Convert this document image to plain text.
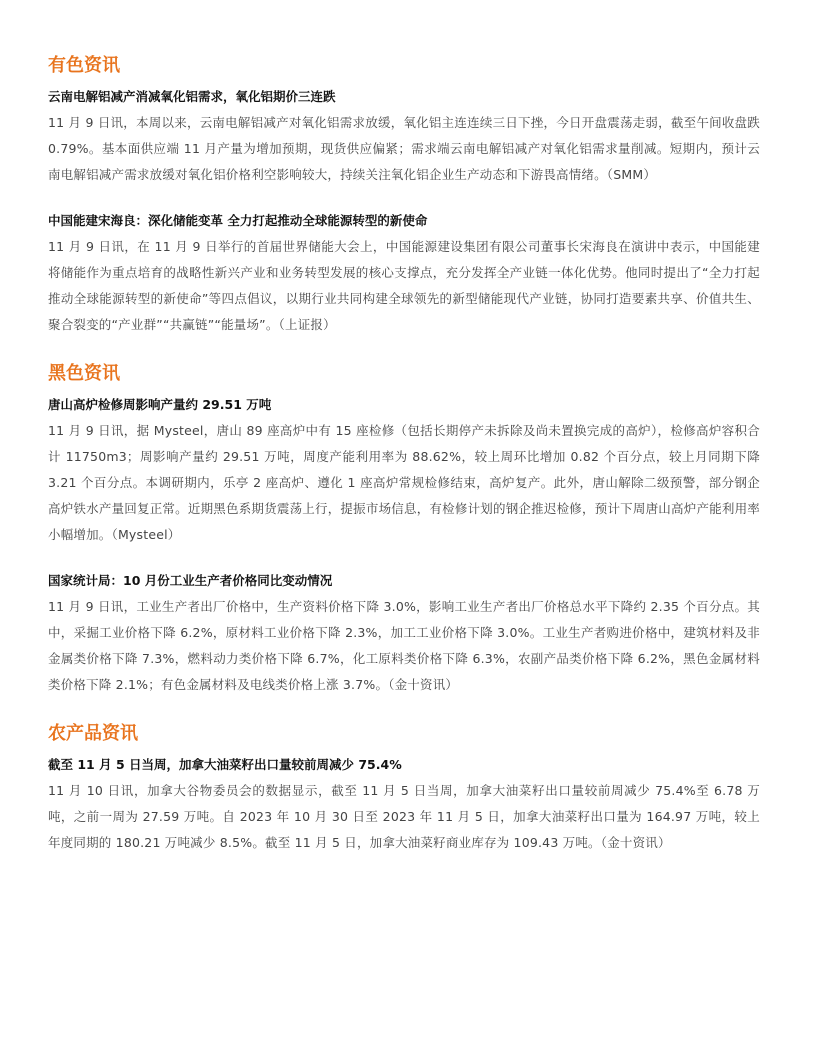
有色资讯
云南电解铝减产消减氧化铝需求，氧化铝期价三连跌

11 月 9 日讯，本周以来，云南电解铝减产对氧化铝需求放缓，氧化铝主连连续三日下挫，今日开盘震荡走弱，截至午间收盘跌 0.79%。基本面供应端 11 月产量为增加预期，现货供应偏紧；需求端云南电解铝减产对氧化铝需求量削减。短期内，预计云南电解铝减产需求放缓对氧化铝价格利空影响较大，持续关注氧化铝企业生产动态和下游畏高情绪。（SMM）

中国能建宋海良：深化储能变革 全力打起推动全球能源转型的新使命

11 月 9 日讯，在 11 月 9 日举行的首届世界储能大会上，中国能源建设集团有限公司董事长宋海良在演讲中表示，中国能建将储能作为重点培育的战略性新兴产业和业务转型发展的核心支撑点，充分发挥全产业链一体化优势。他同时提出了“全力打起推动全球能源转型的新使命”等四点倡议，以期行业共同构建全球领先的新型储能现代产业链，协同打造要素共享、价值共生、聚合裂变的“产业群”“共赢链”“能量场”。（上证报）

黑色资讯
唐山高炉检修周影响产量约 29.51 万吨

11 月 9 日讯，据 Mysteel，唐山 89 座高炉中有 15 座检修（包括长期停产未拆除及尚未置换完成的高炉），检修高炉容积合计 11750m3；周影响产量约 29.51 万吨，周度产能利用率为 88.62%，较上周环比增加 0.82 个百分点，较上月同期下降 3.21 个百分点。本调研期内，乐亭 2 座高炉、遵化 1 座高炉常规检修结束，高炉复产。此外，唐山解除二级预警，部分钢企高炉铁水产量回复正常。近期黑色系期货震荡上行，提振市场信息，有检修计划的钢企推迟检修，预计下周唐山高炉产能利用率小幅增加。（Mysteel）

国家统计局：10 月份工业生产者价格同比变动情况

11 月 9 日讯，工业生产者出厂价格中，生产资料价格下降 3.0%，影响工业生产者出厂价格总水平下降约 2.35 个百分点。其中，采掘工业价格下降 6.2%，原材料工业价格下降 2.3%，加工工业价格下降 3.0%。工业生产者购进价格中，建筑材料及非金属类价格下降 7.3%，燃料动力类价格下降 6.7%，化工原料类价格下降 6.3%，农副产品类价格下降 6.2%，黑色金属材料类价格下降 2.1%；有色金属材料及电线类价格上涨 3.7%。（金十资讯）

农产品资讯
截至 11 月 5 日当周，加拿大油菜籽出口量较前周减少 75.4%

11 月 10 日讯，加拿大谷物委员会的数据显示，截至 11 月 5 日当周，加拿大油菜籽出口量较前周减少 75.4%至 6.78 万吨，之前一周为 27.59 万吨。自 2023 年 10 月 30 日至 2023 年 11 月 5 日，加拿大油菜籽出口量为 164.97 万吨，较上年度同期的 180.21 万吨减少 8.5%。截至 11 月 5 日，加拿大油菜籽商业库存为 109.43 万吨。（金十资讯）
